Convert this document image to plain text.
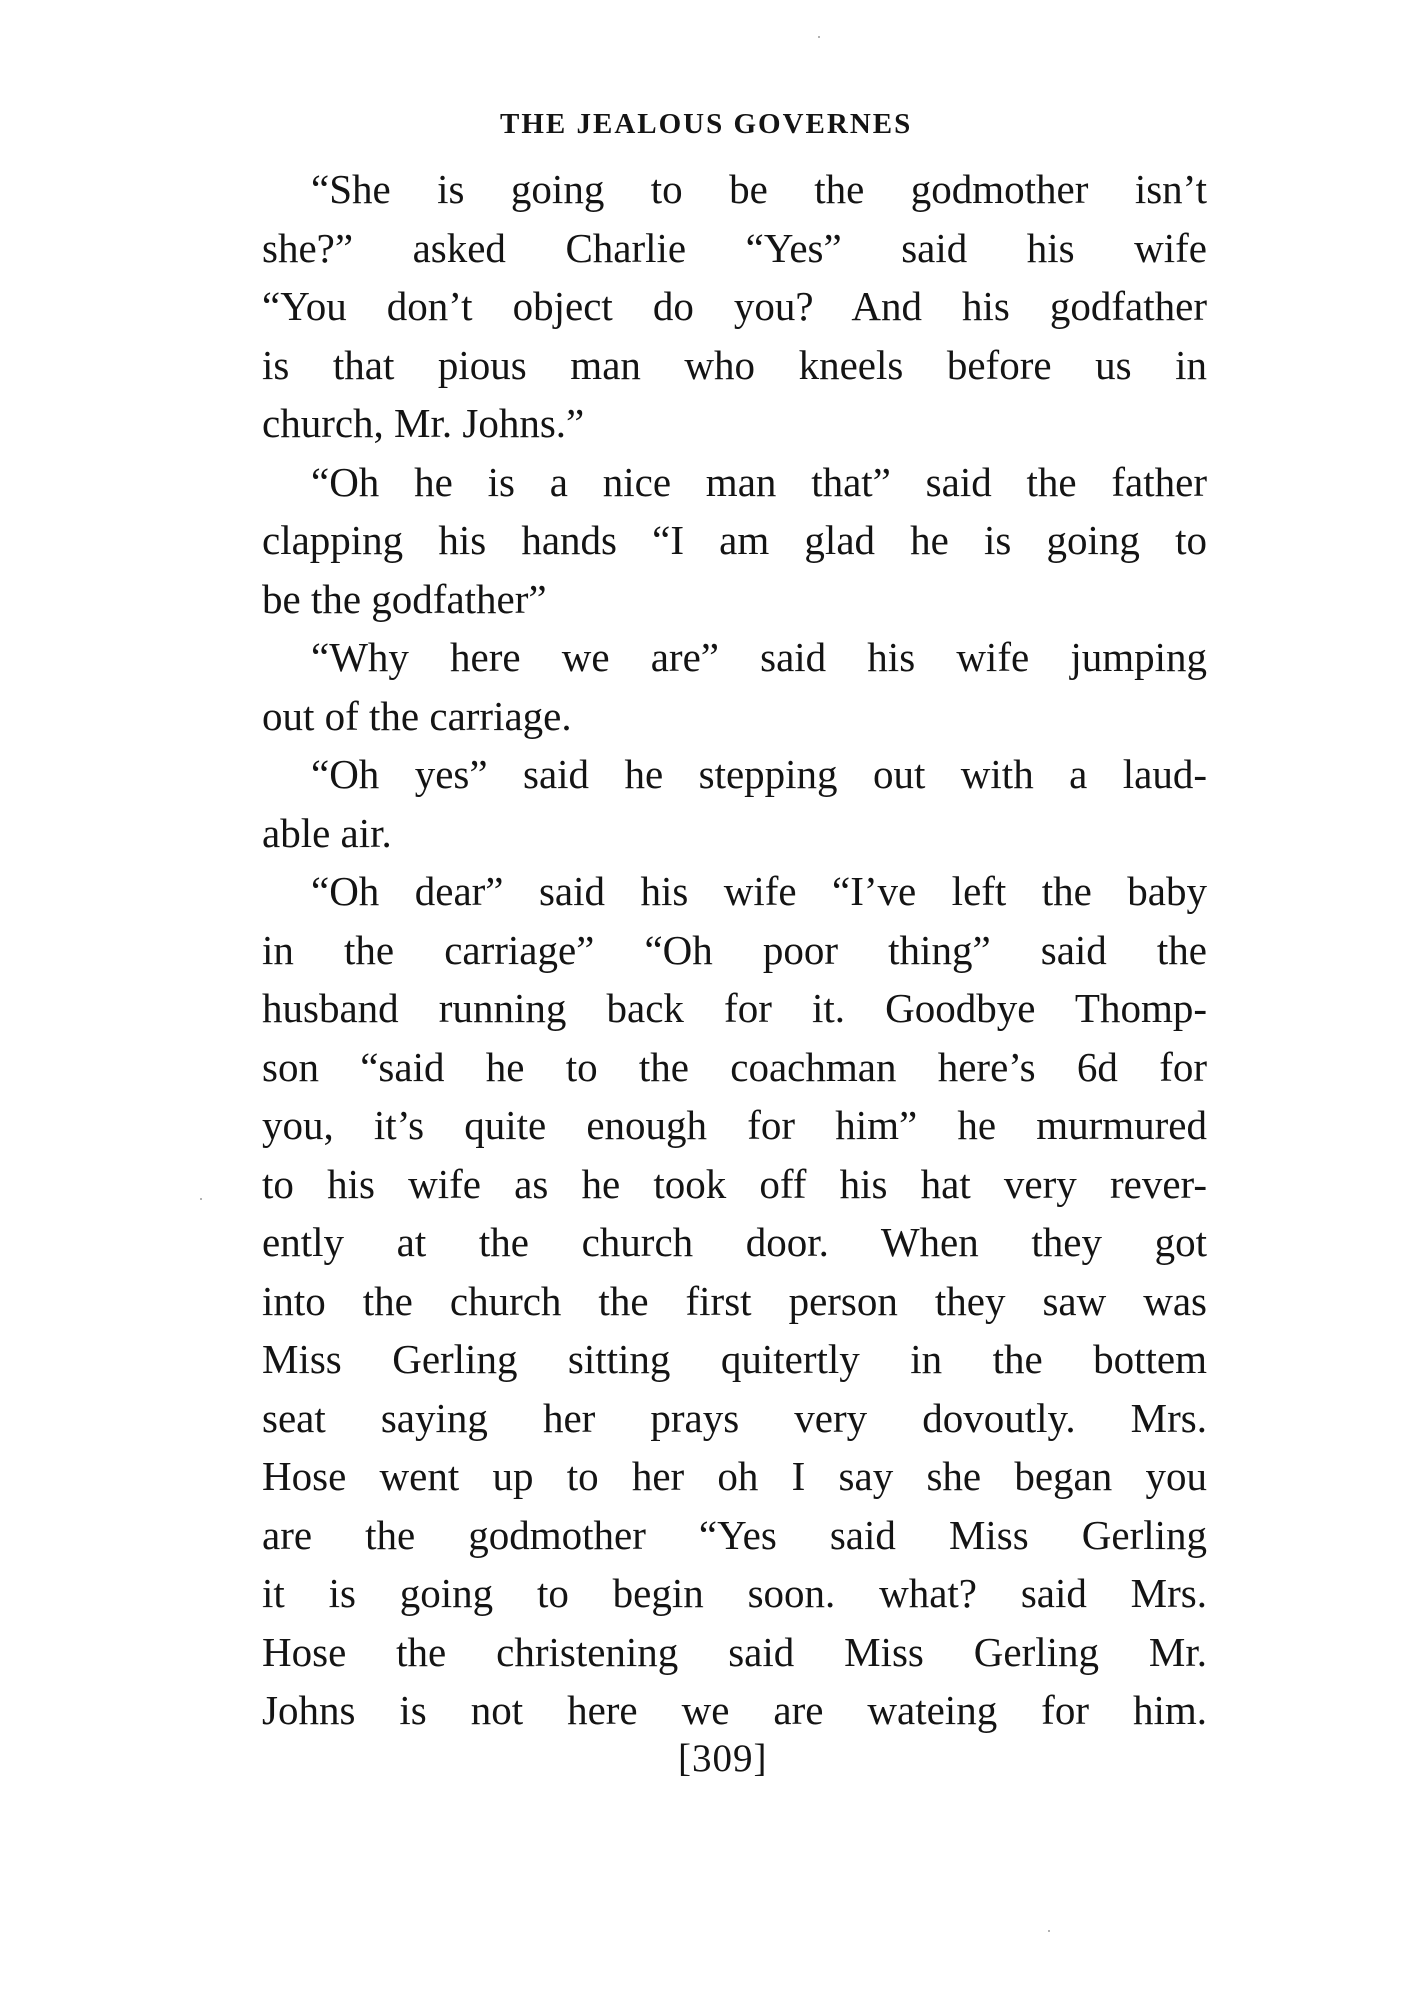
THE JEALOUS GOVERNES
“She is going to be the godmother isn’t
she?” asked Charlie “Yes” said his wife
“You don’t object do you? And his godfather
is that pious man who kneels before us in
church, Mr. Johns.”
“Oh he is a nice man that” said the father
clapping his hands “I am glad he is going to
be the godfather”
“Why here we are” said his wife jumping
out of the carriage.
“Oh yes” said he stepping out with a laud-
able air.
“Oh dear” said his wife “I’ve left the baby
in the carriage” “Oh poor thing” said the
husband running back for it. Goodbye Thomp-
son “said he to the coachman here’s 6d for
you, it’s quite enough for him” he murmured
to his wife as he took off his hat very rever-
ently at the church door. When they got
into the church the first person they saw was
Miss Gerling sitting quitertly in the bottem
seat saying her prays very dovoutly. Mrs.
Hose went up to her oh I say she began you
are the godmother “Yes said Miss Gerling
it is going to begin soon. what? said Mrs.
Hose the christening said Miss Gerling Mr.
Johns is not here we are wateing for him.
[309]
